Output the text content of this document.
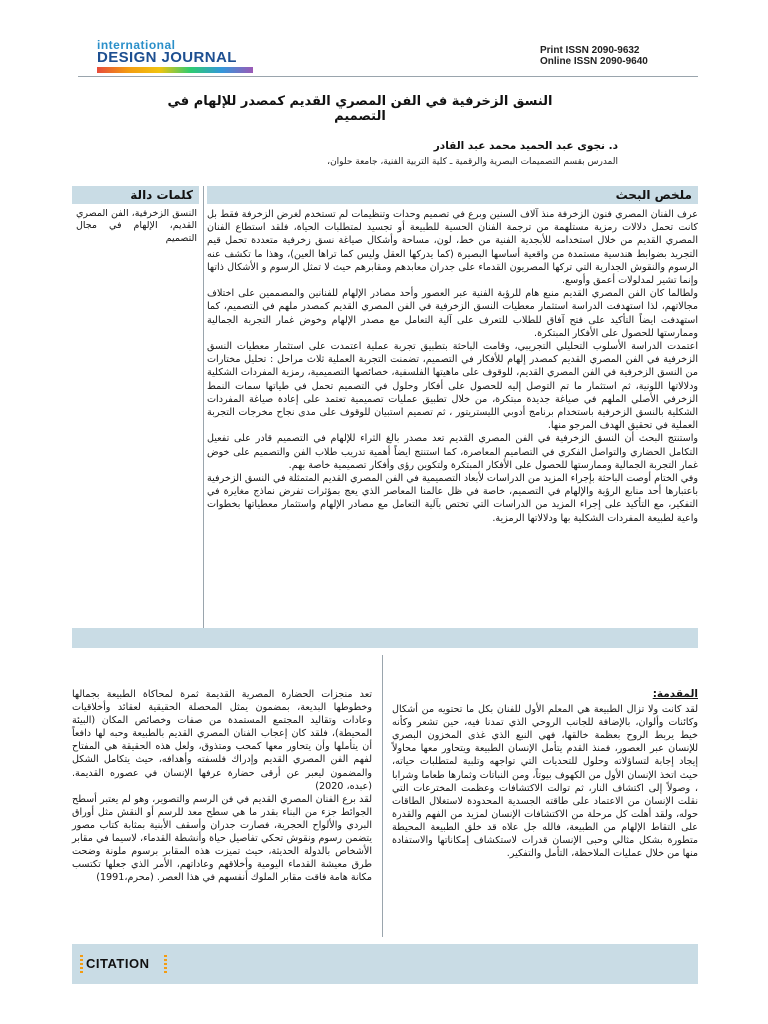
international
DESIGN JOURNAL	Print ISSN 2090-9632
Online ISSN 2090-9640
النسق الزخرفية في الفن المصري القديم كمصدر للإلهام في التصميم
د. نجوى عبد الحميد محمد عبد القادر
المدرس بقسم التصميمات البصرية والرقمية ـ كلية التربية الفنية، جامعة حلوان،
ملخص البحث
كلمات دالة

عرف الفنان المصري فنون الزخرفة منذ آلاف السنين وبرع في تصميم وحدات وتنظيمات لم تستخدم لغرض الزخرفة فقط بل كانت تحمل دلالات رمزية مستلهمة من ترجمة الفنان الحسية للطبيعة أو تجسيد لمتطلبات الحياة، فلقد استطاع الفنان المصري القديم من خلال استخدامه للأبجدية الفنية من خط، لون، مساحة وأشكال صياغة نسق زخرفية متعددة تحمل قيم التجريد بضوابط هندسية مستمدة من واقعية أساسها البصيرة (كما يدركها العقل وليس كما تراها العين)، وهذا ما تكشف عنه الرسوم والنقوش الجدارية التي تركها المصريون القدماء على جدران معابدهم ومقابرهم حيث لا تمثل الرسوم و الأشكال ذاتها وإنما تشير لمدلولات أعمق وأوسع.

ولطالما كان الفن المصري القديم منبع هام للرؤية الفنية عبر العصور وأحد مصادر الإلهام للفنانين والمصممين على اختلاف مجالاتهم، لذا استهدفت الدراسة استثمار معطيات النسق الزخرفية في الفن المصري القديم كمصدر ملهم في التصميم، كما استهدفت ايضاً التأكيد على فتح آفاق للطلاب للتعرف على آلية التعامل مع مصدر الإلهام وخوض غمار التجربة الجمالية وممارستها للحصول على الأفكار المبتكرة.

اعتمدت الدراسة الأسلوب التحليلي التجريبي، وقامت الباحثة بتطبيق تجربة عملية اعتمدت على استثمار معطيات النسق الزخرفية في الفن المصري القديم كمصدر إلهام للأفكار في التصميم، تضمنت التجربة العملية ثلاث مراحل : تحليل مختارات من النسق الزخرفية في الفن المصري القديم، للوقوف على ماهيتها الفلسفية، خصائصها التصميمية، رمزية المفردات الشكلية ودلالاتها اللونية، ثم استثمار ما تم التوصل إليه للحصول على أفكار وحلول في التصميم تحمل في طياتها سمات النمط الزخرفي الأصلي الملهم في صياغة جديدة مبتكرة، من خلال تطبيق عمليات تصميمية تعتمد على إعادة صياغة المفردات الشكلية بالنسق الزخرفية باستخدام برنامج أدوبي الليستريتور ، ثم تصميم استبيان للوقوف على مدى نجاح مخرجات التجربة العملية في تحقيق الهدف المرجو منها.

واستنتج البحث أن النسق الزخرفية في الفن المصري القديم تعد مصدر بالغ الثراء للإلهام في التصميم قادر على تفعيل التكامل الحضاري والتواصل الفكري في التصاميم المعاصرة، كما استنتج ايضاً أهمية تدريب طلاب الفن والتصميم على خوض غمار التجربة الجمالية وممارستها للحصول على الأفكار المبتكرة ولتكوين رؤى وأفكار تصميمية خاصة بهم.

وفي الختام أوصت الباحثة بإجراء المزيد من الدراسات لأبعاد التصميمية في الفن المصري القديم المتمثلة في النسق الزخرفية باعتبارها أحد منابع الرؤية والإلهام في التصميم، خاصة في ظل عالمنا المعاصر الذي يعج بمؤثرات تفرض نماذج مغايرة في التفكير، مع التأكيد على إجراء المزيد من الدراسات التي تختص بآلية التعامل مع مصادر الإلهام واستثمار معطياتها بخطوات واعية لطبيعة المفردات الشكلية بها ودلالاتها الرمزية.

النسق الزخرفية، الفن المصري القديم، الإلهام في مجال التصميم
المقدمة:

لقد كانت ولا تزال الطبيعة هي المعلم الأول للفنان بكل ما تحتويه من أشكال وكائنات وألوان، بالإضافة للجانب الروحي الذي تمدنا فيه، حين تشعر وكأنه خيط يربط الروح بعظمة خالقها، فهي النبع الذي غذى المخزون البصري للإنسان عبر العصور، فمنذ القدم يتأمل الإنسان الطبيعة ويتحاور معها محاولاً إيجاد إجابة لتساؤلاته وحلول للتحديات التي تواجهه وتلبية لمتطلبات حياته، حيث اتخذ الإنسان الأول من الكهوف بيوتاً، ومن النباتات وثمارها طعاما وشرابا ، وصولاً إلى اكتشاف النار، ثم توالت الاكتشافات وعظمت المخترعات التي نقلت الإنسان من الاعتماد على طاقته الجسدية المحدودة لاستغلال الطاقات حوله، ولقد أهلت كل مرحلة من الاكتشافات الإنسان لمزيد من الفهم والقدرة على التقاط الإلهام من الطبيعة، فالله جل علاه قد خلق الطبيعة المحيطة متطورة بشكل مثالي وحبى الإنسان قدرات لاستكشاف إمكاناتها والاستفادة منها من خلال عمليات الملاحظة، التأمل والتفكير.

تعد منجزات الحضارة المصرية القديمة ثمرة لمحاكاة الطبيعة بجمالها وخطوطها البديعة، بمضمون يمثل المحصلة الحقيقية لعقائد وأخلاقيات وعادات وتقاليد المجتمع المستمدة من صفات وخصائص المكان (البيئة المحيطة)، فلقد كان إعجاب الفنان المصري القديم بالطبيعة وحبه لها دافعاً أن يتأملها وأن يتحاور معها كمحب ومتذوق، ولعل هذه الحقيقة هي المفتاح لفهم الفن المصري القديم وإدراك فلسفته وأهدافه، حيث يتكامل الشكل والمضمون ليعبر عن أرقى حضارة عرفها الإنسان في عصوره القديمة. (عبده، 2020)

لقد برع الفنان المصري القديم في فن الرسم والتصوير، وهو لم يعتبر أسطح الجوائط جزء من البناء بقدر ما هي سطح معد للرسم أو النقش مثل أوراق البردي والألواح الحجرية، فصارت جدران وأسقف الأبنية بمثابة كتاب مصور يتضمن رسوم ونقوش تحكي تفاصيل حياة وأنشطة القدماء، لاسيما في مقابر الأشخاص بالدولة الحديثة، حيث تميزت هذه المقابر برسوم ملونة وضحت طرق معيشة القدماء اليومية وأخلاقهم وعاداتهم، الأمر الذي جعلها تكتسب مكانة هامة فاقت مقابر الملوك أنفسهم في هذا العصر. (محرم،1991)

CITATION
